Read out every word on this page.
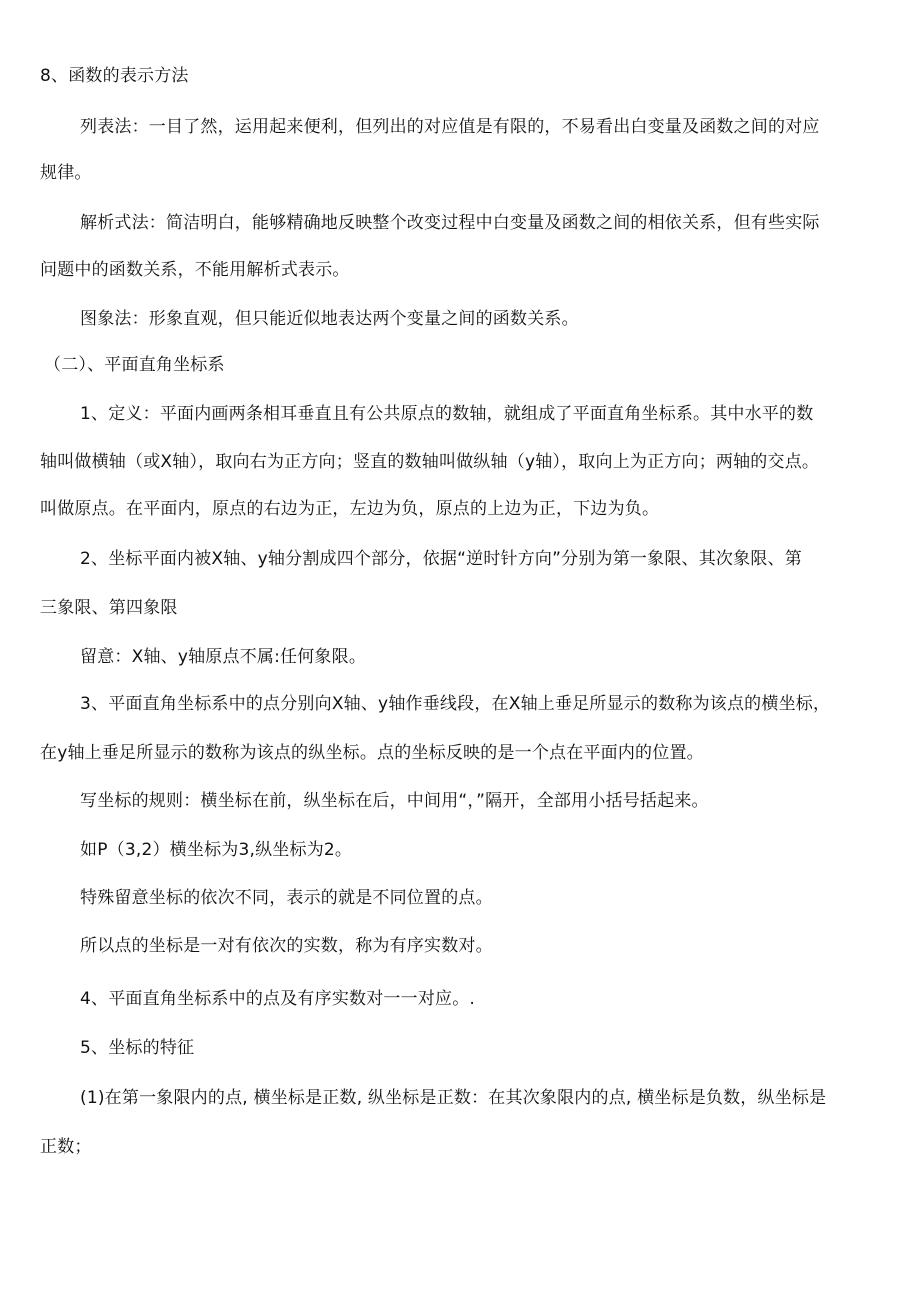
8、函数的表示方法
列表法：一目了然，运用起来便利，但列出的对应值是有限的，不易看出白变量及函数之间的对应
规律。
解析式法：简洁明白，能够精确地反映整个改变过程中白变量及函数之间的相依关系，但有些实际
问题中的函数关系，不能用解析式表示。
图象法：形象直观，但只能近似地表达两个变量之间的函数关系。
（二）、平面直角坐标系
1、定义：平面内画两条相耳垂直且有公共原点的数轴，就组成了平面直角坐标系。其中水平的数
轴叫做横轴（或X轴），取向右为正方向；竖直的数轴叫做纵轴（y轴），取向上为正方向；两轴的交点。
叫做原点。在平面内，原点的右边为正，左边为负，原点的上边为正，下边为负。
2、坐标平面内被X轴、y轴分割成四个部分，依据“逆时针方向”分别为第一象限、其次象限、第
三象限、第四象限
留意：X轴、y轴原点不属:任何象限。
3、平面直角坐标系中的点分别向X轴、y轴作垂线段，在X轴上垂足所显示的数称为该点的横坐标，
在y轴上垂足所显示的数称为该点的纵坐标。点的坐标反映的是一个点在平面内的位置。
写坐标的规则：横坐标在前，纵坐标在后，中间用“，”隔开，全部用小括号括起来。
如P（3,2）横坐标为3,纵坐标为2。
特殊留意坐标的依次不同，表示的就是不同位置的点。
所以点的坐标是一对有依次的实数，称为有序实数对。
4、平面直角坐标系中的点及有序实数对一一对应。.
5、坐标的特征
(1)在第一象限内的点, 横坐标是正数, 纵坐标是正数：在其次象限内的点, 横坐标是负数，纵坐标是
正数；
